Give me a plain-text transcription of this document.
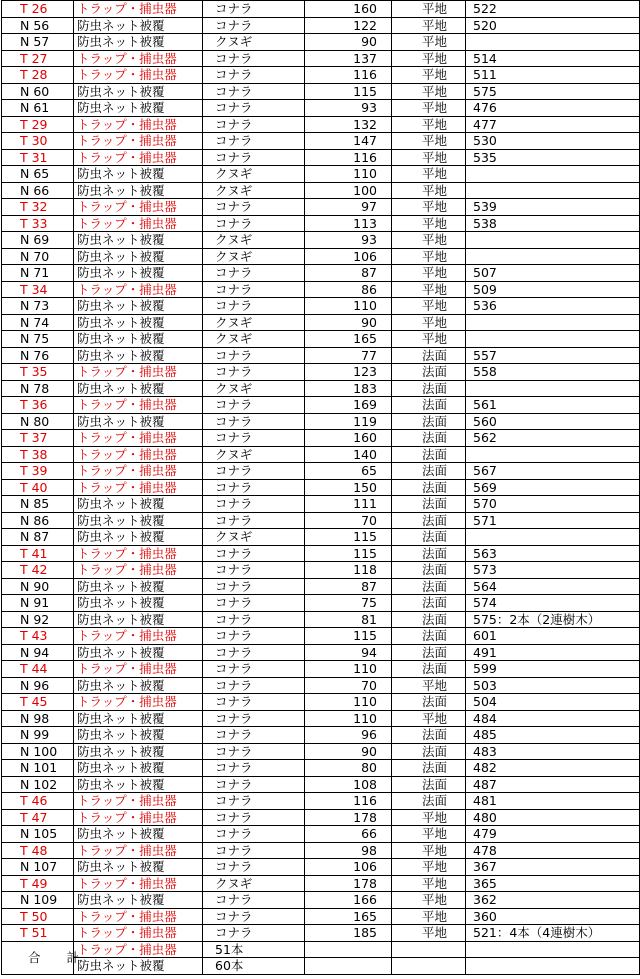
T 26	トラップ・捕虫器	コナラ	160	平地	522
N 56	防虫ネット被覆	コナラ	122	平地	520
N 57	防虫ネット被覆	クヌギ	90	平地	
T 27	トラップ・捕虫器	コナラ	137	平地	514
T 28	トラップ・捕虫器	コナラ	116	平地	511
N 60	防虫ネット被覆	コナラ	115	平地	575
N 61	防虫ネット被覆	コナラ	93	平地	476
T 29	トラップ・捕虫器	コナラ	132	平地	477
T 30	トラップ・捕虫器	コナラ	147	平地	530
T 31	トラップ・捕虫器	コナラ	116	平地	535
N 65	防虫ネット被覆	クヌギ	110	平地	
N 66	防虫ネット被覆	クヌギ	100	平地	
T 32	トラップ・捕虫器	コナラ	97	平地	539
T 33	トラップ・捕虫器	コナラ	113	平地	538
N 69	防虫ネット被覆	クヌギ	93	平地	
N 70	防虫ネット被覆	クヌギ	106	平地	
N 71	防虫ネット被覆	コナラ	87	平地	507
T 34	トラップ・捕虫器	コナラ	86	平地	509
N 73	防虫ネット被覆	コナラ	110	平地	536
N 74	防虫ネット被覆	クヌギ	90	平地	
N 75	防虫ネット被覆	クヌギ	165	平地	
N 76	防虫ネット被覆	コナラ	77	法面	557
T 35	トラップ・捕虫器	コナラ	123	法面	558
N 78	防虫ネット被覆	クヌギ	183	法面	
T 36	トラップ・捕虫器	コナラ	169	法面	561
N 80	防虫ネット被覆	コナラ	119	法面	560
T 37	トラップ・捕虫器	コナラ	160	法面	562
T 38	トラップ・捕虫器	クヌギ	140	法面	
T 39	トラップ・捕虫器	コナラ	65	法面	567
T 40	トラップ・捕虫器	コナラ	150	法面	569
N 85	防虫ネット被覆	コナラ	111	法面	570
N 86	防虫ネット被覆	コナラ	70	法面	571
N 87	防虫ネット被覆	クヌギ	115	法面	
T 41	トラップ・捕虫器	コナラ	115	法面	563
T 42	トラップ・捕虫器	コナラ	118	法面	573
N 90	防虫ネット被覆	コナラ	87	法面	564
N 91	防虫ネット被覆	コナラ	75	法面	574
N 92	防虫ネット被覆	コナラ	81	法面	575：2本（2連樹木）
T 43	トラップ・捕虫器	コナラ	115	法面	601
N 94	防虫ネット被覆	コナラ	94	法面	491
T 44	トラップ・捕虫器	コナラ	110	法面	599
N 96	防虫ネット被覆	コナラ	70	平地	503
T 45	トラップ・捕虫器	コナラ	110	法面	504
N 98	防虫ネット被覆	コナラ	110	平地	484
N 99	防虫ネット被覆	コナラ	96	法面	485
N 100	防虫ネット被覆	コナラ	90	法面	483
N 101	防虫ネット被覆	コナラ	80	法面	482
N 102	防虫ネット被覆	コナラ	108	法面	487
T 46	トラップ・捕虫器	コナラ	116	法面	481
T 47	トラップ・捕虫器	コナラ	178	平地	480
N 105	防虫ネット被覆	コナラ	66	平地	479
T 48	トラップ・捕虫器	コナラ	98	平地	478
N 107	防虫ネット被覆	コナラ	106	平地	367
T 49	トラップ・捕虫器	クヌギ	178	平地	365
N 109	防虫ネット被覆	コナラ	166	平地	362
T 50	トラップ・捕虫器	コナラ	165	平地	360
T 51	トラップ・捕虫器	コナラ	185	平地	521：4本（4連樹木）
合計	トラップ・捕虫器	51本			
	防虫ネット被覆	60本			
